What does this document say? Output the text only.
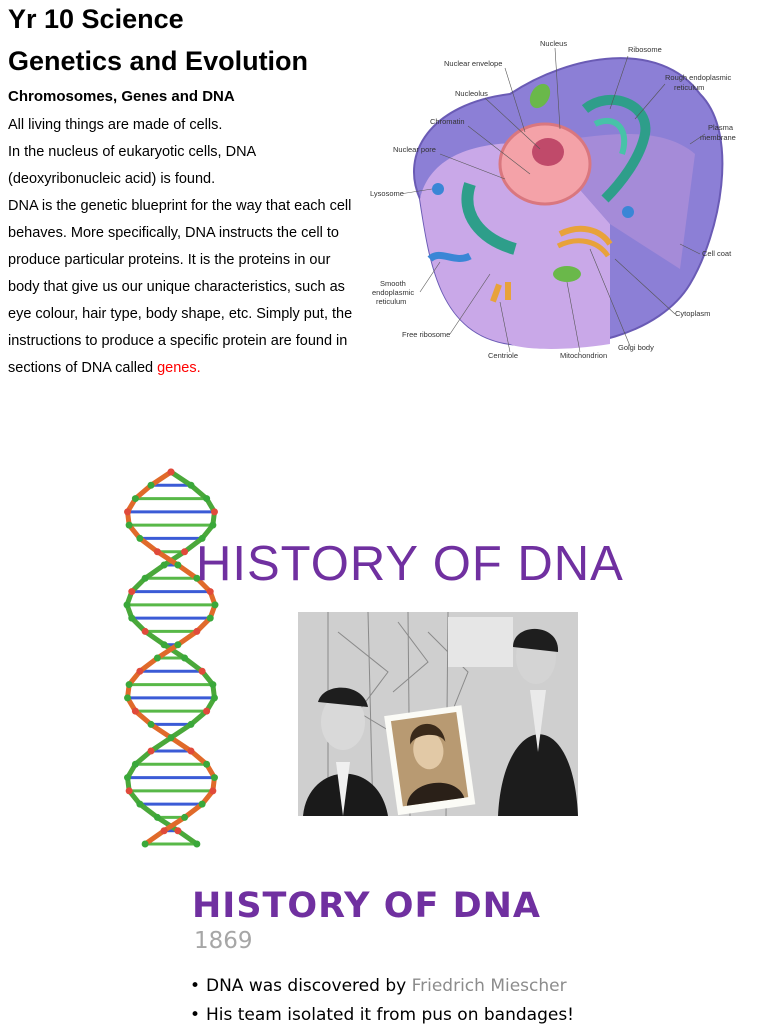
Yr 10 Science
Genetics and Evolution
Chromosomes, Genes and DNA

All living things are made of cells.

In the nucleus of eukaryotic cells, DNA (deoxyribonucleic acid) is found.

DNA is the genetic blueprint for the way that each cell behaves. More specifically, DNA instructs the cell to produce particular proteins. It is the proteins in our body that give us our unique characteristics, such as eye colour, hair type, body shape, etc. Simply put, the instructions to produce a specific protein are found in sections of DNA called genes.

Nucleus
Ribosome
Nuclear envelope
Rough endoplasmic
reticulum
Nucleolus
Plasma
membrane
Chromatin
Nuclear pore
Lysosome
Cell coat
Smooth
endoplasmic
reticulum
Cytoplasm
Free ribosome
Golgi body
Centriole	Mitochondrion
HISTORY OF DNA
HISTORY OF DNA
1869
• DNA was discovered by Friedrich Miescher
• His team isolated it from pus on bandages!
